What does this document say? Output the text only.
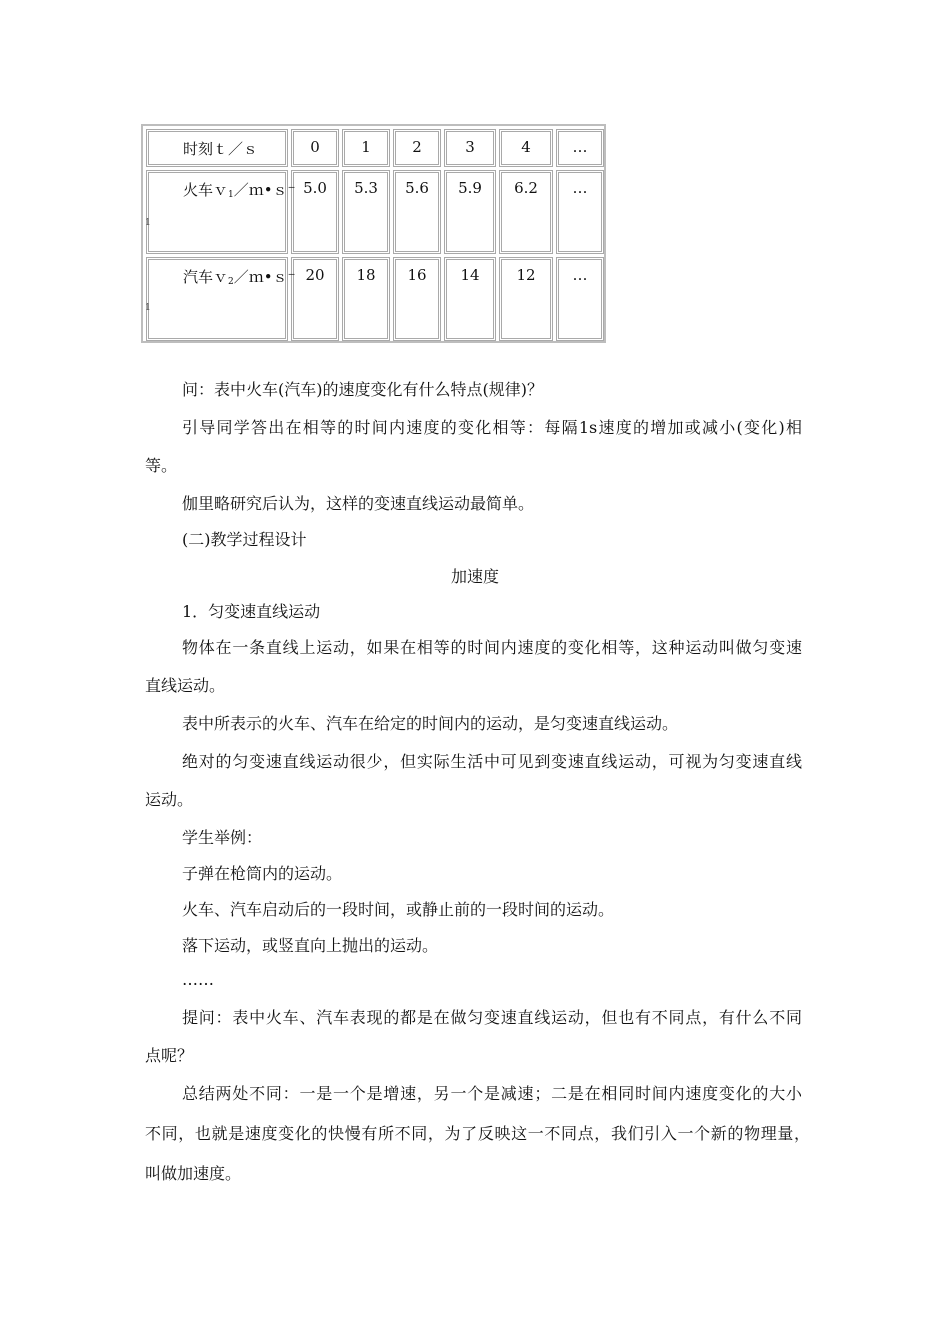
时刻ｔ／ｓ	0	1	2	3	4	…
火车ｖ$_1$／ｍ•ｓ⁻	5.0	5.3	5.6	5.9	6.2	…
汽车ｖ$_2$／ｍ•ｓ⁻	20	18	16	14	12	…
1
1
问：表中火车(汽车)的速度变化有什么特点(规律)？
引导同学答出在相等的时间内速度的变化相等：每隔1s速度的增加或减小(变化)相
等。
伽里略研究后认为，这样的变速直线运动最简单。
(二)教学过程设计
加速度
1．匀变速直线运动
物体在一条直线上运动，如果在相等的时间内速度的变化相等，这种运动叫做匀变速
直线运动。
表中所表示的火车、汽车在给定的时间内的运动，是匀变速直线运动。
绝对的匀变速直线运动很少，但实际生活中可见到变速直线运动，可视为匀变速直线
运动。
学生举例：
子弹在枪筒内的运动。
火车、汽车启动后的一段时间，或静止前的一段时间的运动。
落下运动，或竖直向上抛出的运动。
……
提问：表中火车、汽车表现的都是在做匀变速直线运动，但也有不同点，有什么不同
点呢？
总结两处不同：一是一个是增速，另一个是减速；二是在相同时间内速度变化的大小
不同，也就是速度变化的快慢有所不同，为了反映这一不同点，我们引入一个新的物理量，
叫做加速度。
